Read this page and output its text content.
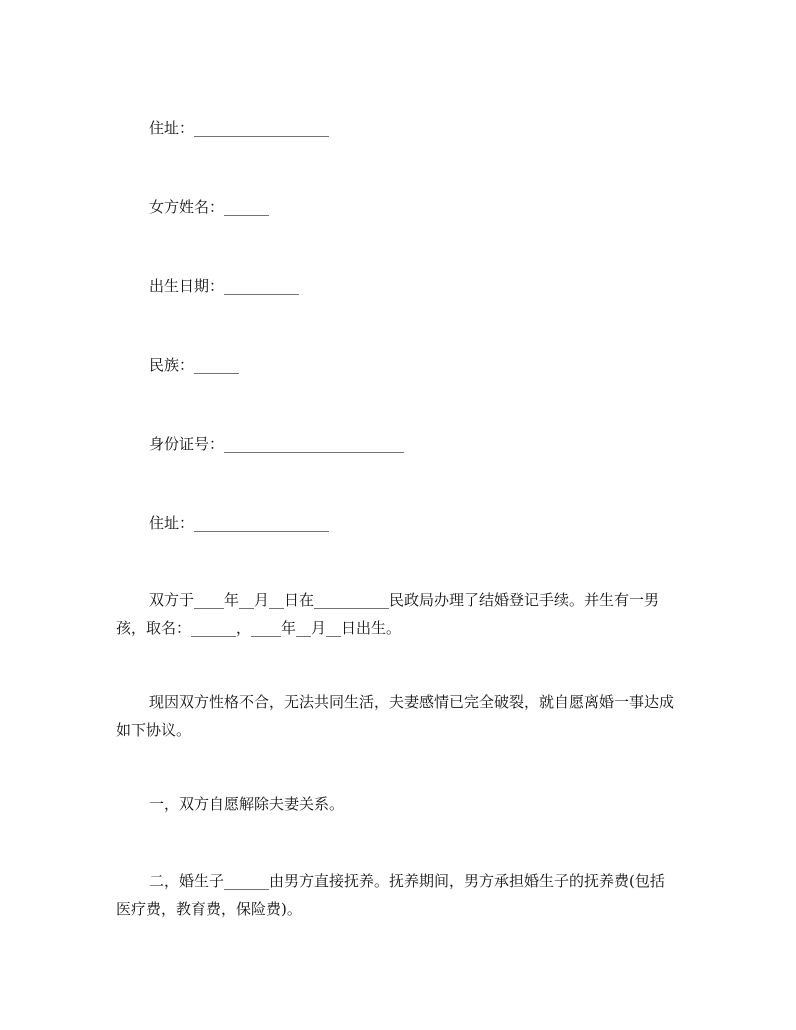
住址：__________________
女方姓名：______
出生日期：__________
民族：______
身份证号：________________________
住址：__________________

双方于____年__月__日在__________民政局办理了结婚登记手续。并生有一男孩，取名：______，____年__月__日出生。

现因双方性格不合，无法共同生活，夫妻感情已完全破裂，就自愿离婚一事达成如下协议。

一，双方自愿解除夫妻关系。

二，婚生子______由男方直接抚养。抚养期间，男方承担婚生子的抚养费(包括医疗费，教育费，保险费)。
